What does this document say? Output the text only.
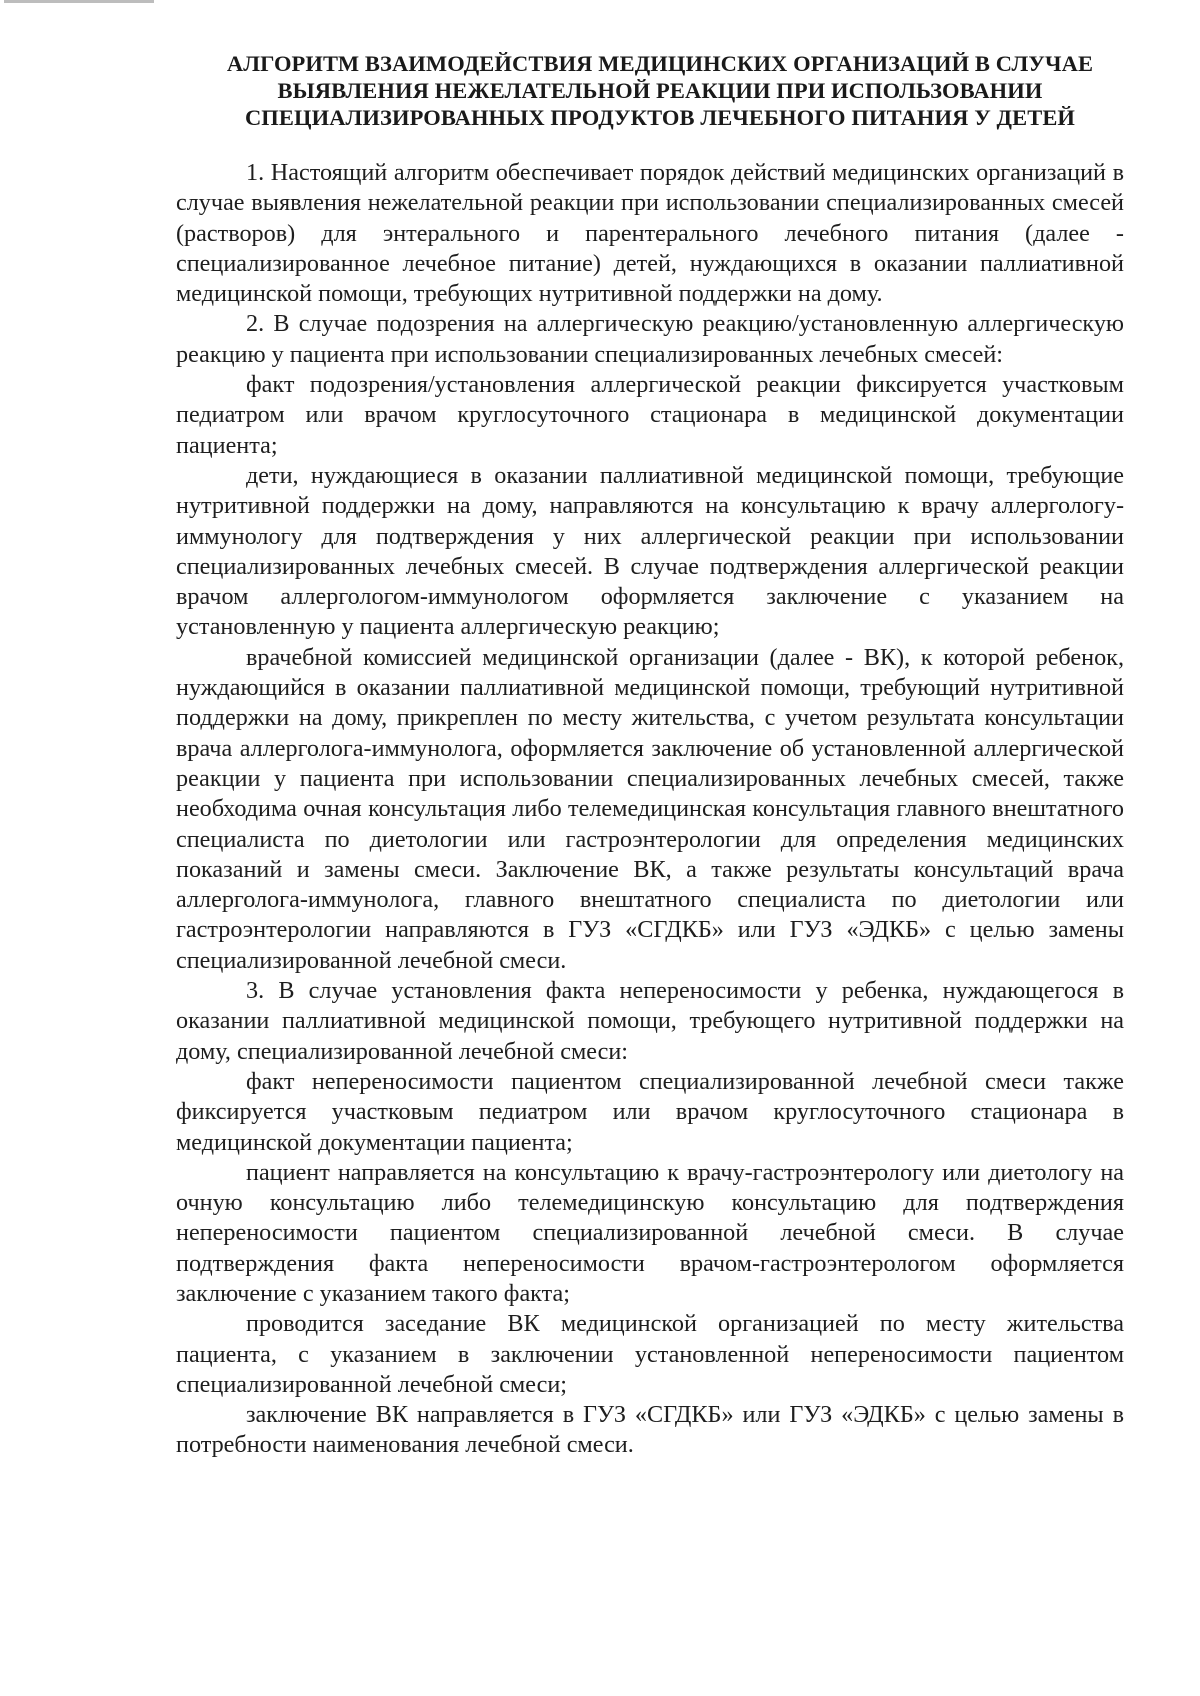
АЛГОРИТМ ВЗАИМОДЕЙСТВИЯ МЕДИЦИНСКИХ ОРГАНИЗАЦИЙ В СЛУЧАЕ
ВЫЯВЛЕНИЯ НЕЖЕЛАТЕЛЬНОЙ РЕАКЦИИ ПРИ ИСПОЛЬЗОВАНИИ
СПЕЦИАЛИЗИРОВАННЫХ ПРОДУКТОВ ЛЕЧЕБНОГО ПИТАНИЯ У ДЕТЕЙ

1. Настоящий алгоритм обеспечивает порядок действий медицинских организаций в случае выявления нежелательной реакции при использовании специализированных смесей (растворов) для энтерального и парентерального лечебного питания (далее - специализированное лечебное питание) детей, нуждающихся в оказании паллиативной медицинской помощи, требующих нутритивной поддержки на дому.

2. В случае подозрения на аллергическую реакцию/установленную аллергическую реакцию у пациента при использовании специализированных лечебных смесей:

факт подозрения/установления аллергической реакции фиксируется участковым педиатром или врачом круглосуточного стационара в медицинской документации пациента;

дети, нуждающиеся в оказании паллиативной медицинской помощи, требующие нутритивной поддержки на дому, направляются на консультацию к врачу аллергологу-иммунологу для подтверждения у них аллергической реакции при использовании специализированных лечебных смесей. В случае подтверждения аллергической реакции врачом аллергологом-иммунологом оформляется заключение с указанием на установленную у пациента аллергическую реакцию;

врачебной комиссией медицинской организации (далее - ВК), к которой ребенок, нуждающийся в оказании паллиативной медицинской помощи, требующий нутритивной поддержки на дому, прикреплен по месту жительства, с учетом результата консультации врача аллерголога-иммунолога, оформляется заключение об установленной аллергической реакции у пациента при использовании специализированных лечебных смесей, также необходима очная консультация либо телемедицинская консультация главного внештатного специалиста по диетологии или гастроэнтерологии для определения медицинских показаний и замены смеси. Заключение ВК, а также результаты консультаций врача аллерголога-иммунолога, главного внештатного специалиста по диетологии или гастроэнтерологии направляются в ГУЗ «СГДКБ» или ГУЗ «ЭДКБ» с целью замены специализированной лечебной смеси.

3. В случае установления факта непереносимости у ребенка, нуждающегося в оказании паллиативной медицинской помощи, требующего нутритивной поддержки на дому, специализированной лечебной смеси:

факт непереносимости пациентом специализированной лечебной смеси также фиксируется участковым педиатром или врачом круглосуточного стационара в медицинской документации пациента;

пациент направляется на консультацию к врачу-гастроэнтерологу или диетологу на очную консультацию либо телемедицинскую консультацию для подтверждения непереносимости пациентом специализированной лечебной смеси. В случае подтверждения факта непереносимости врачом-гастроэнтерологом оформляется заключение с указанием такого факта;

проводится заседание ВК медицинской организацией по месту жительства пациента, с указанием в заключении установленной непереносимости пациентом специализированной лечебной смеси;

заключение ВК направляется в ГУЗ «СГДКБ» или ГУЗ «ЭДКБ» с целью замены в потребности наименования лечебной смеси.
